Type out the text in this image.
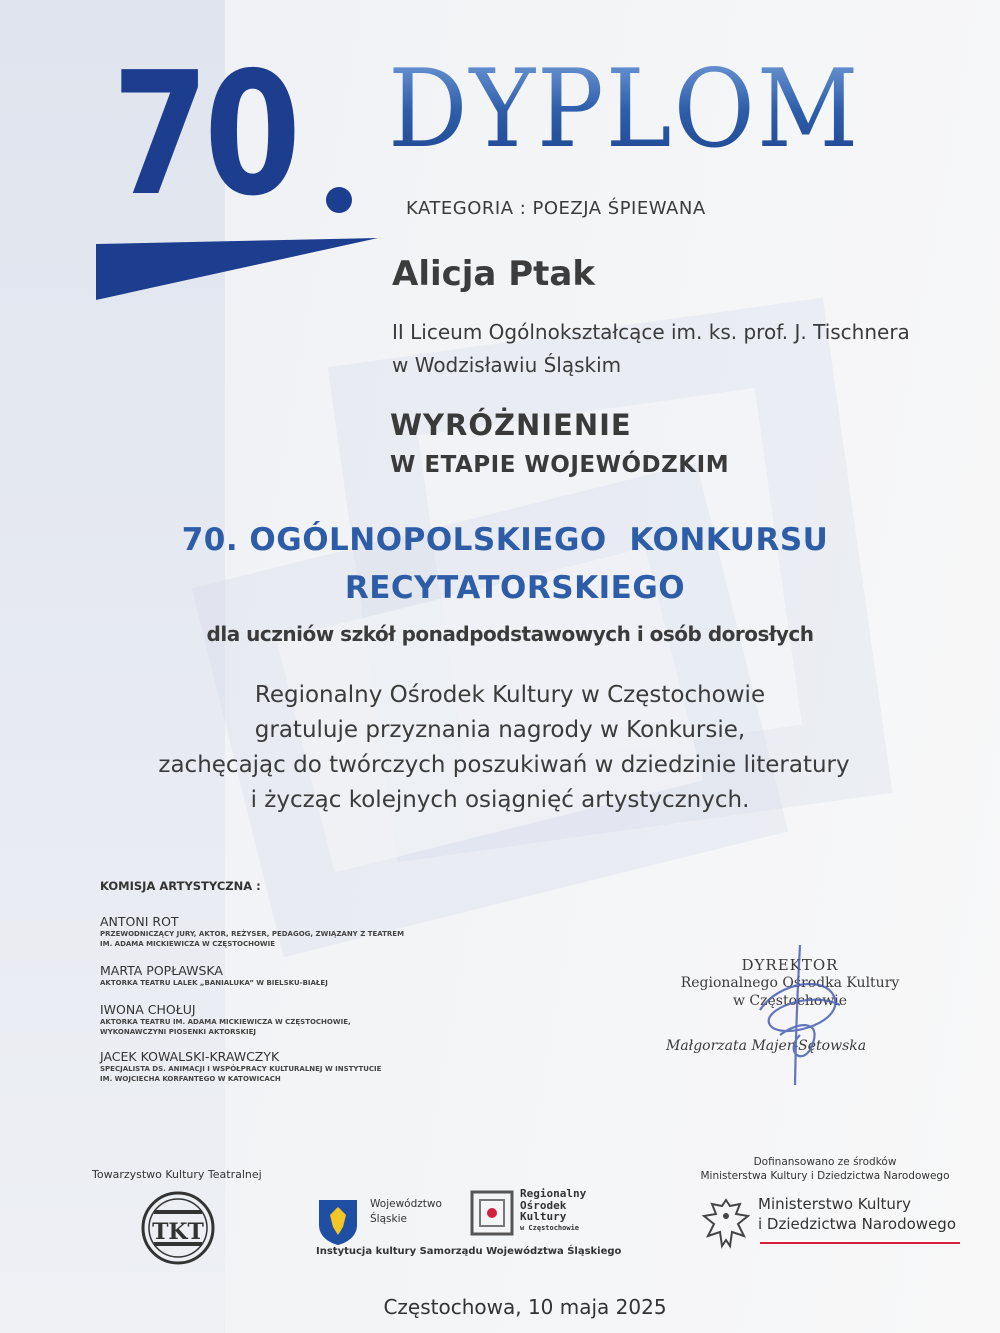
70 DYPLOM
KATEGORIA : POEZJA ŚPIEWANA
Alicja Ptak
II Liceum Ogólnokształcące im. ks. prof. J. Tischnera
w Wodzisławiu Śląskim
WYRÓŻNIENIE
W ETAPIE WOJEWÓDZKIM
70. OGÓLNOPOLSKIEGO  KONKURSU
RECYTATORSKIEGO
dla uczniów szkół ponadpodstawowych i osób dorosłych
Regionalny Ośrodek Kultury w Częstochowie
gratuluje przyznania nagrody w Konkursie,
zachęcając do twórczych poszukiwań w dziedzinie literatury
i życząc kolejnych osiągnięć artystycznych.
KOMISJA ARTYSTYCZNA :
ANTONI ROT
PRZEWODNICZĄCY JURY, AKTOR, REŻYSER, PEDAGOG, ZWIĄZANY Z TEATREM
IM. ADAMA MICKIEWICZA W CZĘSTOCHOWIE
MARTA POPŁAWSKA
AKTORKA TEATRU LALEK „BANIALUKA” W BIELSKU-BIAŁEJ
IWONA CHOŁUJ
AKTORKA TEATRU IM. ADAMA MICKIEWICZA W CZĘSTOCHOWIE,
WYKONAWCZYNI PIOSENKI AKTORSKIEJ
JACEK KOWALSKI-KRAWCZYK
SPECJALISTA DS. ANIMACJI I WSPÓŁPRACY KULTURALNEJ W INSTYTUCIE
IM. WOJCIECHA KORFANTEGO W KATOWICACH
DYREKTOR
Regionalnego Ośrodka Kultury
w Częstochowie
Małgorzata Majer-Sętowska
Towarzystwo Kultury Teatralnej
TKT
Województwo
Śląskie
Regionalny
Ośrodek
Kultury
w Częstochowie
Instytucja kultury Samorządu Województwa Śląskiego
Dofinansowano ze środków
Ministerstwa Kultury i Dziedzictwa Narodowego
Ministerstwo Kultury
i Dziedzictwa Narodowego
Częstochowa, 10 maja 2025
